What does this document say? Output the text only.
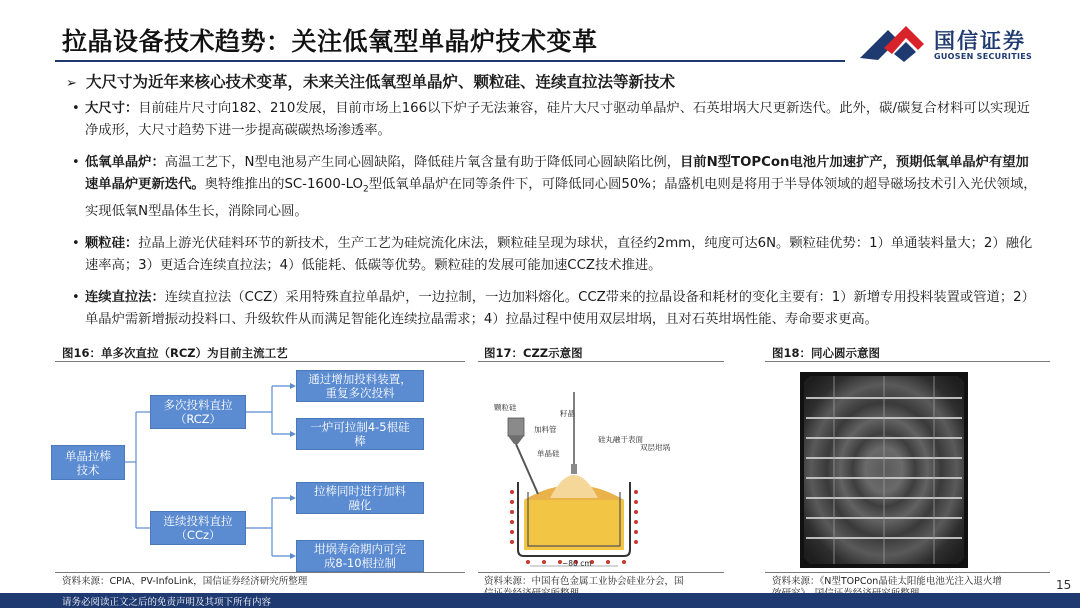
拉晶设备技术趋势：关注低氧型单晶炉技术变革	国信证券
GUOSEN SECURITIES
➢ 大尺寸为近年来核心技术变革，未来关注低氧型单晶炉、颗粒硅、连续直拉法等新技术
• 大尺寸：目前硅片尺寸向182、210发展，目前市场上166以下炉子无法兼容，硅片大尺寸驱动单晶炉、石英坩埚大尺更新迭代。此外，碳/碳复合材料可以实现近净成形，大尺寸趋势下进一步提高碳碳热场渗透率。
• 低氧单晶炉：高温工艺下，N型电池易产生同心圆缺陷，降低硅片氧含量有助于降低同心圆缺陷比例，目前N型TOPCon电池片加速扩产，预期低氧单晶炉有望加速单晶炉更新迭代。奥特维推出的$SC-1600-LO_2$型低氧单晶炉在同等条件下，可降低同心圆50%；晶盛机电则是将用于半导体领域的超导磁场技术引入光伏领域，实现低氧N型晶体生长，消除同心圆。
• 颗粒硅：拉晶上游光伏硅料环节的新技术，生产工艺为硅烷流化床法，颗粒硅呈现为球状，直径约2mm，纯度可达6N。颗粒硅优势：1）单通装料量大；2）融化速率高；3）更适合连续直拉法；4）低能耗、低碳等优势。颗粒硅的发展可能加速CCZ技术推进。
• 连续直拉法：连续直拉法（CCZ）采用特殊直拉单晶炉，一边拉制，一边加料熔化。CCZ带来的拉晶设备和耗材的变化主要有：1）新增专用投料装置或管道；2）单晶炉需新增振动投料口、升级软件从而满足智能化连续拉晶需求；4）拉晶过程中使用双层坩埚，且对石英坩埚性能、寿命要求更高。
图16：单多次直拉（RCZ）为目前主流工艺
单晶拉棒
技术
多次投料直拉
（RCZ）
连续投料直拉
（CCz）
通过增加投料装置，
重复多次投料
一炉可拉制4-5根硅
棒
拉棒同时进行加料
融化
坩埚寿命期内可完
成8-10根拉制
资料来源：CPIA、PV-InfoLink，国信证券经济研究所整理
图17：CZZ示意图
颗粒硅
籽晶
加料管
硅丸融于表面
单晶硅
双层坩埚
~80 cm
资料来源：中国有色金属工业协会硅业分会，国
图18：同心圆示意图
资料来源：《N型TOPCon晶硅太阳能电池光注入退火增	15
请务必阅读正文之后的免责声明及其项下所有内容
